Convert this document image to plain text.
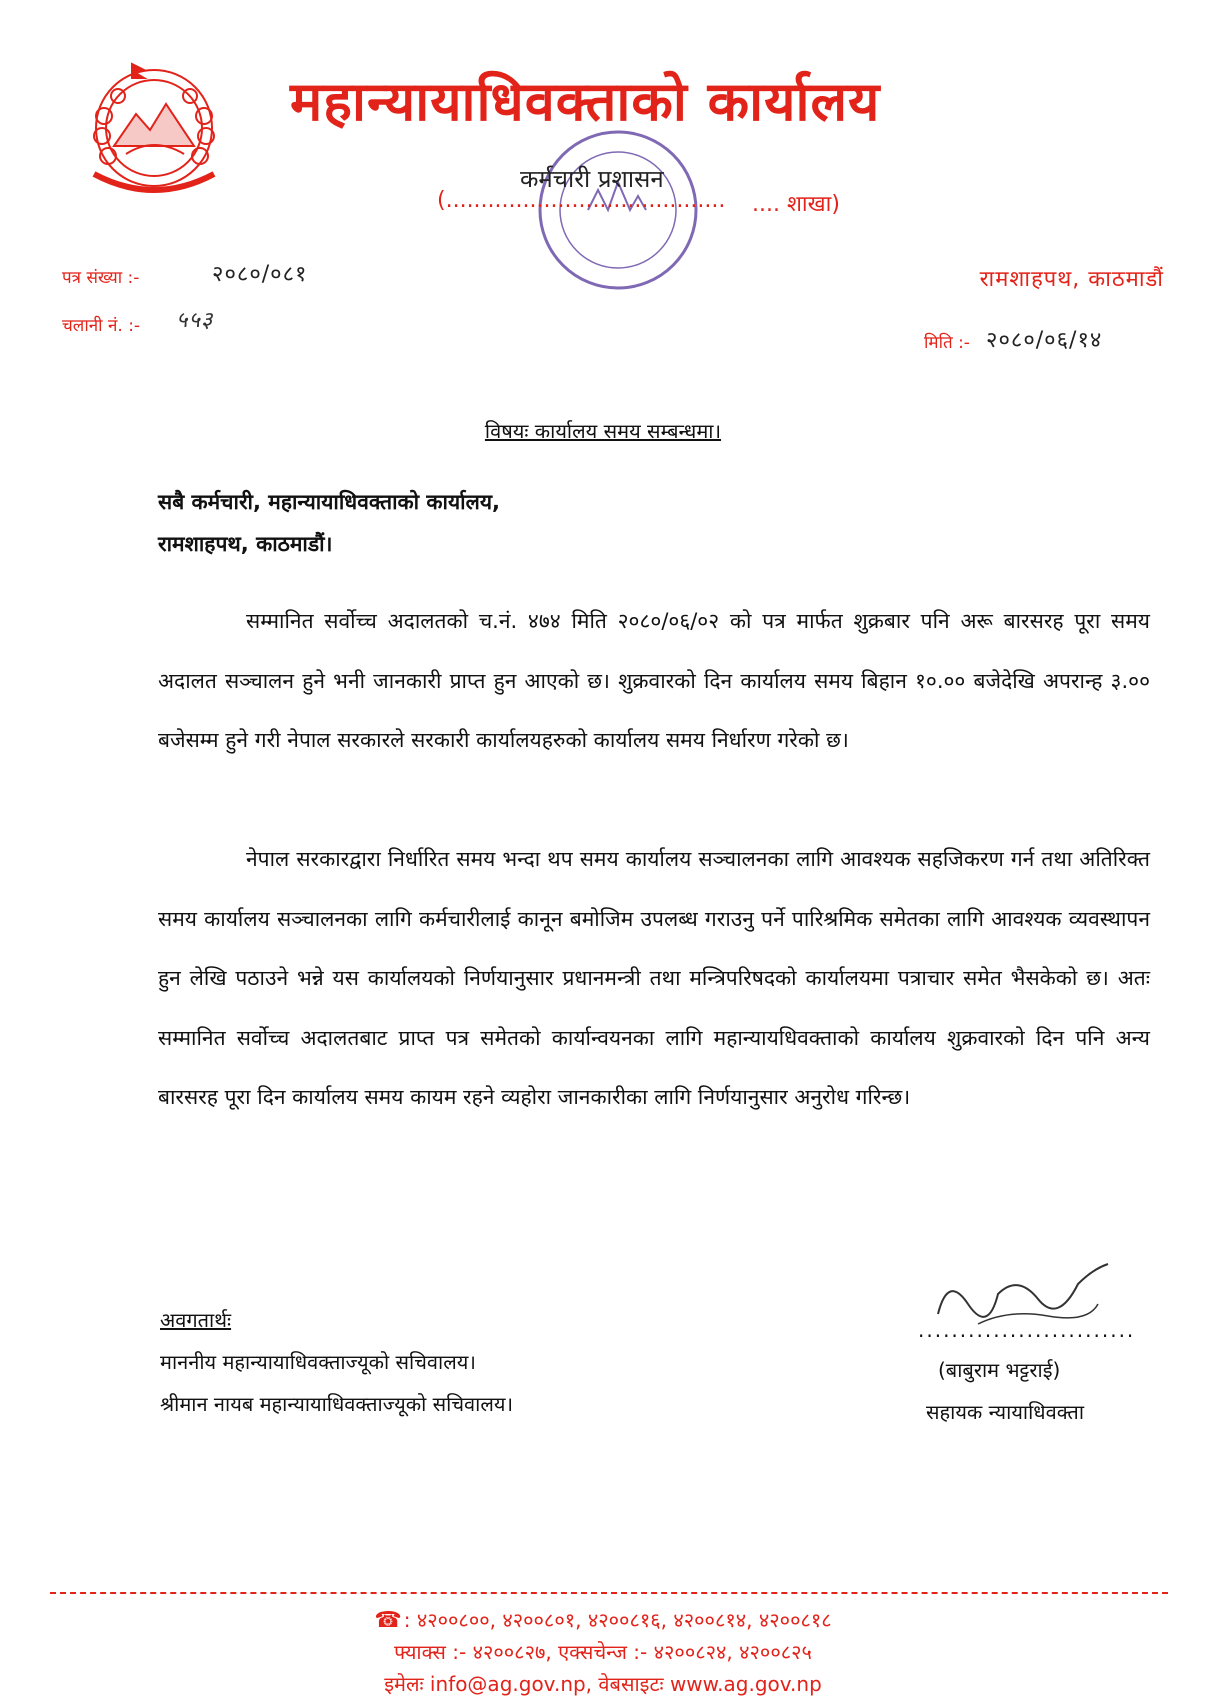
महान्यायाधिवक्ताको कार्यालय
कर्मचारी प्रशासन
(........................................ .... शाखा)
पत्र संख्या :-	२०८०/०८१
चलानी नं. :- ५५३
रामशाहपथ, काठमाडौं
मिति :- २०८०/०६/१४
विषयः कार्यालय समय सम्बन्धमा।
सबै कर्मचारी, महान्यायाधिवक्ताको कार्यालय,
रामशाहपथ, काठमाडौं।
सम्मानित सर्वोच्च अदालतको च.नं. ४७४ मिति २०८०/०६/०२ को पत्र मार्फत शुक्रबार पनि अरू बारसरह पूरा समय अदालत सञ्चालन हुने भनी जानकारी प्राप्त हुन आएको छ। शुक्रवारको दिन कार्यालय समय बिहान १०.०० बजेदेखि अपरान्ह ३.०० बजेसम्म हुने गरी नेपाल सरकारले सरकारी कार्यालयहरुको कार्यालय समय निर्धारण गरेको छ।
नेपाल सरकारद्वारा निर्धारित समय भन्दा थप समय कार्यालय सञ्चालनका लागि आवश्यक सहजिकरण गर्न तथा अतिरिक्त समय कार्यालय सञ्चालनका लागि कर्मचारीलाई कानून बमोजिम उपलब्ध गराउनु पर्ने पारिश्रमिक समेतका लागि आवश्यक व्यवस्थापन हुन लेखि पठाउने भन्ने यस कार्यालयको निर्णयानुसार प्रधानमन्त्री तथा मन्त्रिपरिषदको कार्यालयमा पत्राचार समेत भैसकेको छ। अतः सम्मानित सर्वोच्च अदालतबाट प्राप्त पत्र समेतको कार्यान्वयनका लागि महान्यायधिवक्ताको कार्यालय शुक्रवारको दिन पनि अन्य बारसरह पूरा दिन कार्यालय समय कायम रहने व्यहोरा जानकारीका लागि निर्णयानुसार अनुरोध गरिन्छ।
अवगतार्थः
माननीय महान्यायाधिवक्ताज्यूको सचिवालय।
श्रीमान नायब महान्यायाधिवक्ताज्यूको सचिवालय।
..........................
(बाबुराम भट्टराई)
सहायक न्यायाधिवक्ता
☎ : ४२००८००, ४२००८०१, ४२००८१६, ४२००८१४, ४२००८१८
फ्याक्स :- ४२००८२७, एक्सचेन्ज :- ४२००८२४, ४२००८२५
इमेलः info@ag.gov.np, वेबसाइटः www.ag.gov.np
